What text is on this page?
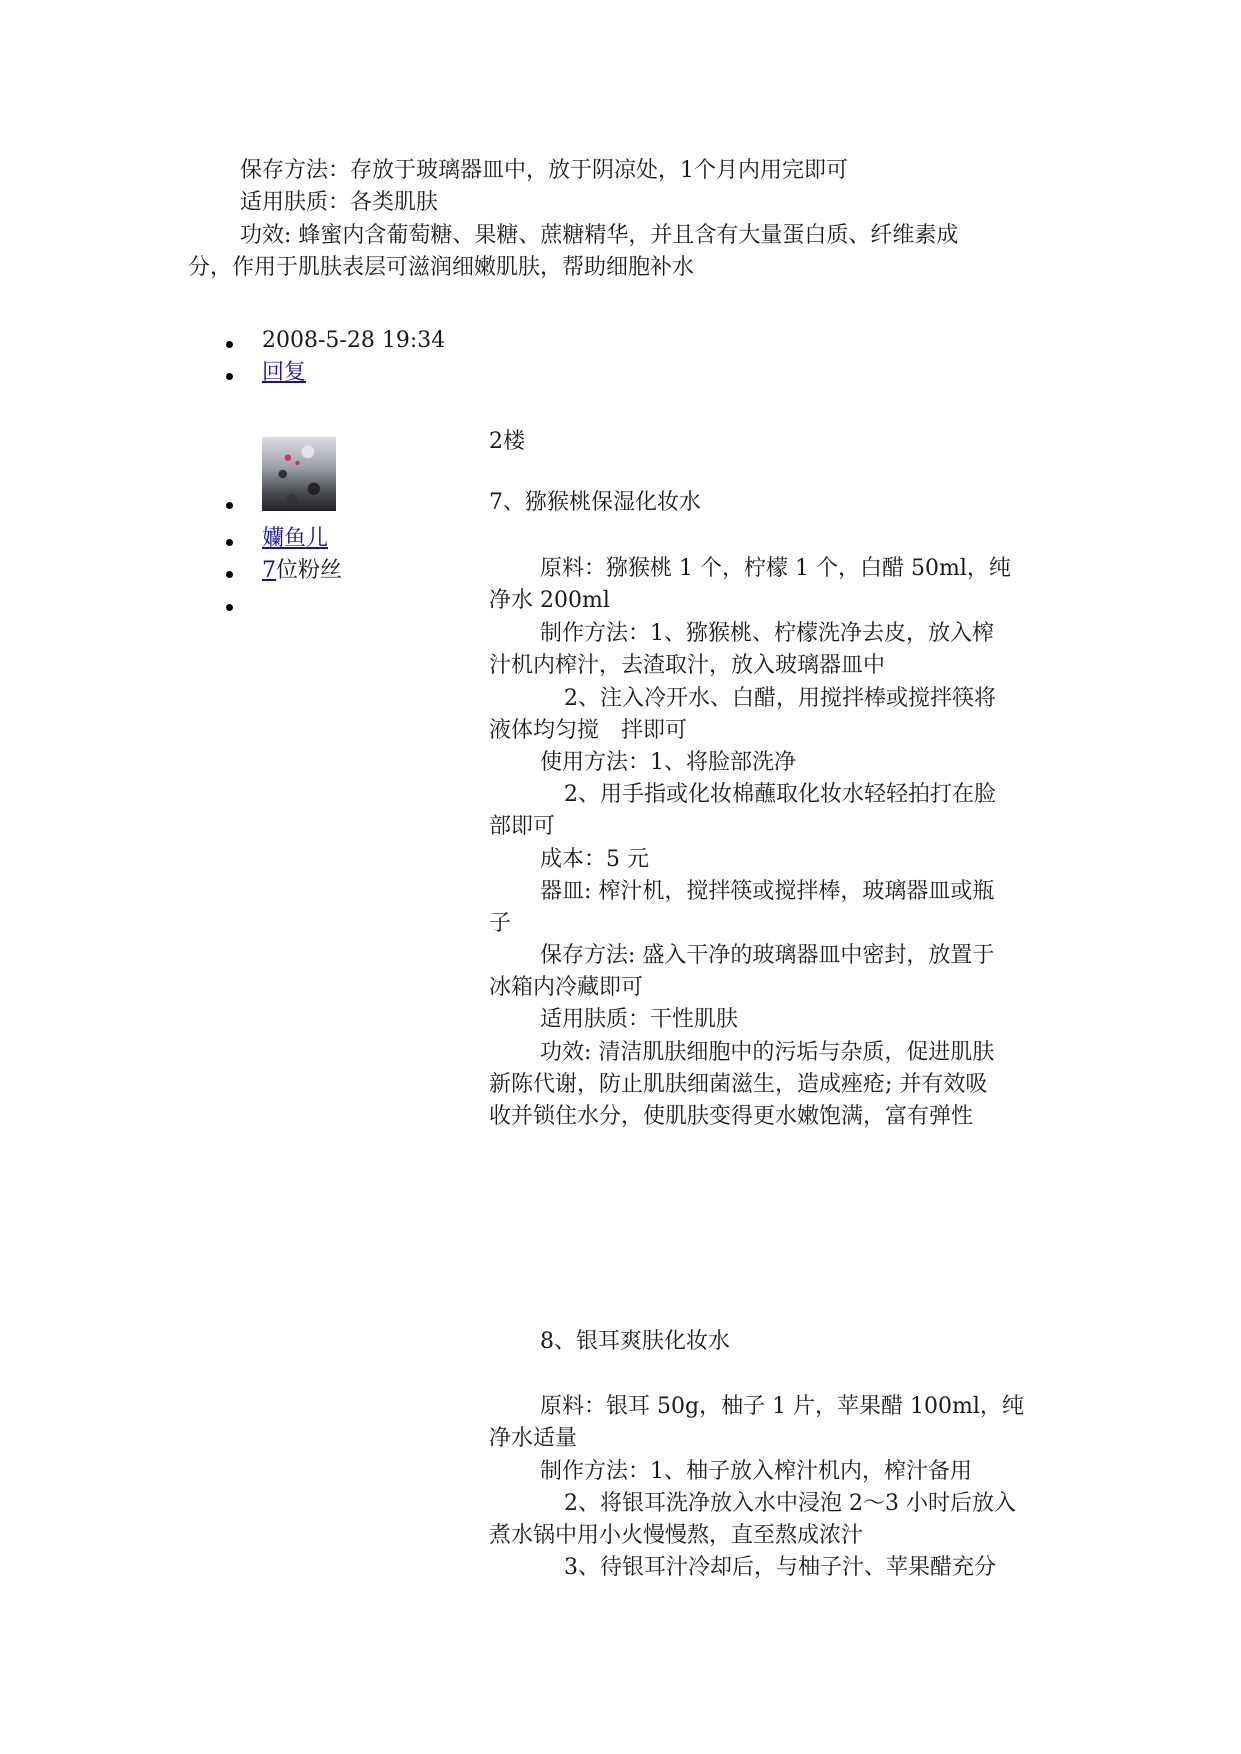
保存方法：存放于玻璃器皿中，放于阴凉处，1个月内用完即可
适用肤质：各类肌肤
功效: 蜂蜜内含葡萄糖、果糖、蔗糖精华，并且含有大量蛋白质、纤维素成
分，作用于肌肤表层可滋润细嫩肌肤，帮助细胞补水
2008-5-28 19:34
回复
2楼
孏鱼儿
7位粉丝
7、猕猴桃保湿化妆水
原料：猕猴桃 1 个，柠檬 1 个，白醋 50ml，纯
净水 200ml
制作方法：1、猕猴桃、柠檬洗净去皮，放入榨
汁机内榨汁，去渣取汁，放入玻璃器皿中
2、注入冷开水、白醋，用搅拌棒或搅拌筷将
液体均匀搅　拌即可
使用方法：1、将脸部洗净
2、用手指或化妆棉蘸取化妆水轻轻拍打在脸
部即可
成本：5 元
器皿: 榨汁机，搅拌筷或搅拌棒，玻璃器皿或瓶
子
保存方法: 盛入干净的玻璃器皿中密封，放置于
冰箱内冷藏即可
适用肤质：干性肌肤
功效: 清洁肌肤细胞中的污垢与杂质，促进肌肤
新陈代谢，防止肌肤细菌滋生，造成痤疮; 并有效吸
收并锁住水分，使肌肤变得更水嫩饱满，富有弹性
8、银耳爽肤化妆水
原料：银耳 50g，柚子 1 片，苹果醋 100ml，纯
净水适量
制作方法：1、柚子放入榨汁机内，榨汁备用
2、将银耳洗净放入水中浸泡 2～3 小时后放入
煮水锅中用小火慢慢熬，直至熬成浓汁
3、待银耳汁冷却后，与柚子汁、苹果醋充分
